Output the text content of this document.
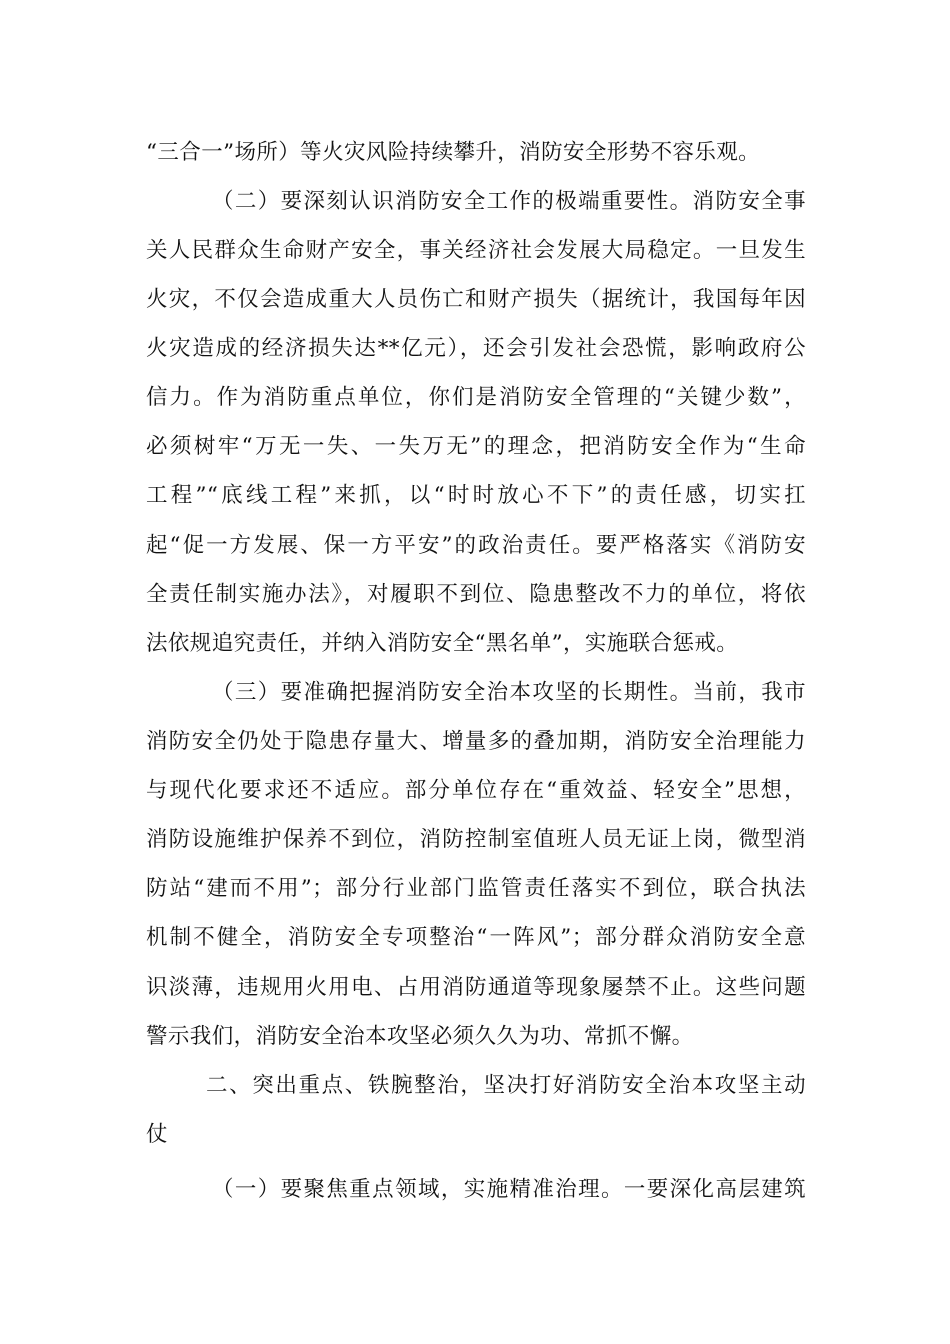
“三合一”场所）等火灾风险持续攀升，消防安全形势不容乐观。
（二）要深刻认识消防安全工作的极端重要性。消防安全事
关人民群众生命财产安全，事关经济社会发展大局稳定。一旦发生
火灾，不仅会造成重大人员伤亡和财产损失（据统计，我国每年因
火灾造成的经济损失达**亿元），还会引发社会恐慌，影响政府公
信力。作为消防重点单位，你们是消防安全管理的“关键少数”，
必须树牢“万无一失、一失万无”的理念，把消防安全作为“生命
工程”“底线工程”来抓，以“时时放心不下”的责任感，切实扛
起“促一方发展、保一方平安”的政治责任。要严格落实《消防安
全责任制实施办法》，对履职不到位、隐患整改不力的单位，将依
法依规追究责任，并纳入消防安全“黑名单”，实施联合惩戒。
（三）要准确把握消防安全治本攻坚的长期性。当前，我市
消防安全仍处于隐患存量大、增量多的叠加期，消防安全治理能力
与现代化要求还不适应。部分单位存在“重效益、轻安全”思想，
消防设施维护保养不到位，消防控制室值班人员无证上岗，微型消
防站“建而不用”；部分行业部门监管责任落实不到位，联合执法
机制不健全，消防安全专项整治“一阵风”；部分群众消防安全意
识淡薄，违规用火用电、占用消防通道等现象屡禁不止。这些问题
警示我们，消防安全治本攻坚必须久久为功、常抓不懈。
二、突出重点、铁腕整治，坚决打好消防安全治本攻坚主动
仗
（一）要聚焦重点领域，实施精准治理。一要深化高层建筑
